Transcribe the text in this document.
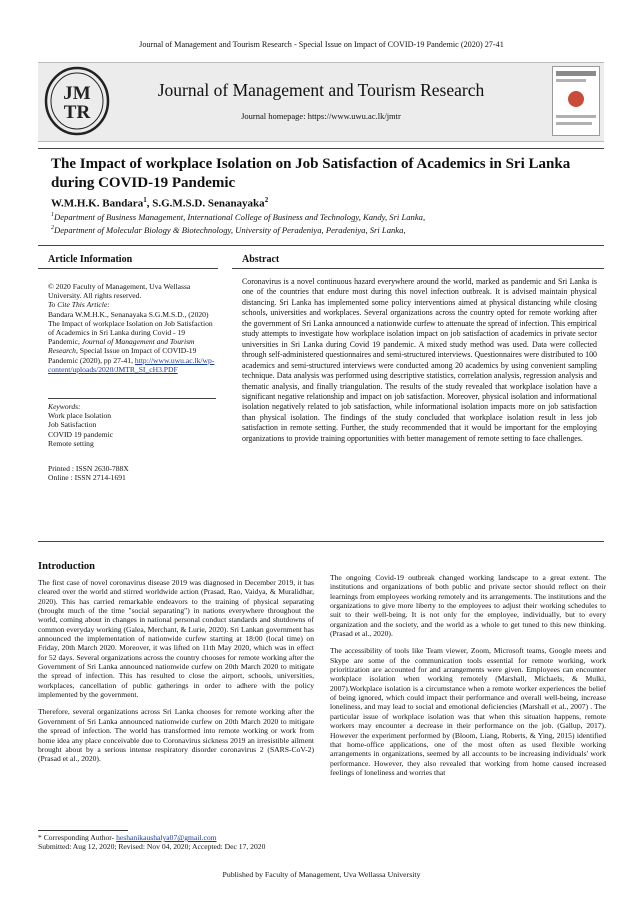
Journal of Management and Tourism Research - Special Issue on Impact of COVID-19 Pandemic (2020) 27-41
JM
TR
Journal of Management and Tourism Research
Journal homepage: https://www.uwu.ac.lk/jmtr
The Impact of workplace Isolation on Job Satisfaction of Academics in Sri Lanka during COVID-19 Pandemic
W.M.H.K. Bandara$^1$, S.G.M.S.D. Senanayaka$^2$
$^1$Department of Business Management, International College of Business and Technology, Kandy, Sri Lanka,
$^2$Department of Molecular Biology & Biotechnology, University of Peradeniya, Peradeniya, Sri Lanka,
Article Information	Abstract
© 2020 Faculty of Management, Uva Wellassa University. All rights reserved.
To Cite This Article:
Bandara W.M.H.K., Senanayaka S.G.M.S.D., (2020) The Impact of workplace Isolation on Job Satisfaction of Academics in Sri Lanka during Covid - 19 Pandemic, Journal of Management and Tourism Research, Special Issue on Impact of COVID-19 Pandemic (2020), pp 27-41, http://www.uwu.ac.lk/wp-content/uploads/2020/JMTR_SI_cH3.PDF
Keywords:
Work place Isolation
Job Satisfaction
COVID 19 pandemic
Remote setting
Printed : ISSN 2630-788X
Online : ISSN 2714-1691
Coronavirus is a novel continuous hazard everywhere around the world, marked as pandemic and Sri Lanka is one of the countries that endure most during this novel infection outbreak. It is advised maintain physical distancing. Sri Lanka has implemented some policy interventions aimed at physical distancing while closing schools, universities and workplaces. Several organizations across the country opted for remote working after the government of Sri Lanka announced a nationwide curfew to attenuate the spread of infection. This empirical study attempts to investigate how workplace isolation impact on job satisfaction of academics in private sector universities in Sri Lanka during Covid 19 pandemic. A mixed study method was used. Data were collected through self-administered questionnaires and semi-structured interviews. Questionnaires were distributed to 100 academics and semi-structured interviews were conducted among 20 academics by using convenient sampling technique. Data analysis was performed using descriptive statistics, correlation analysis, regression analysis and thematic analysis, and finally triangulation. The results of the study revealed that workplace isolation have a significant negative relationship and impact on job satisfaction. Moreover, physical isolation and informational isolation negatively related to job satisfaction, while informational isolation impacts more on job satisfaction than physical isolation. The findings of the study concluded that workplace isolation result in less job satisfaction in remote setting. Further, the study recommended that it would be important for the employing organizations to provide training opportunities with better management of remote setting to face challenges.
Introduction

The first case of novel coronavirus disease 2019 was diagnosed in December 2019, it has cleared over the world and stirred worldwide action (Prasad, Rao, Vaidya, & Muralidhar, 2020). This has carried remarkable endeavors to the training of physical separating (brought much of the time "social separating") in nations everywhere throughout the world, coming about in changes in national personal conduct standards and shutdowns of common everyday working (Galea, Merchant, & Lurie, 2020). Sri Lankan government has announced the implementation of nationwide curfew starting at 18:00 (local time) on Friday, 20th March 2020. Moreover, it was lifted on 11th May 2020, which was in effect for 52 days. Several organizations across the country chooses for remote working after the Government of Sri Lanka announced nationwide curfew on 20th March 2020 to mitigate the spread of infection. This has resulted to close the airport, schools, universities, workplaces, cancellation of public gatherings in order to adhere with the policy implemented by the government.

Therefore, several organizations across Sri Lanka chooses for remote working after the Government of Sri Lanka announced nationwide curfew on 20th March 2020 to mitigate the spread of infection. The world has transformed into remote working or work from home idea any place conceivable due to Coronavirus sickness 2019 an irresistible ailment brought about by a serious intense respiratory disorder coronavirus 2 (SARS-CoV-2)(Prasad et al., 2020).

The ongoing Covid-19 outbreak changed working landscape to a great extent. The institutions and organizations of both public and private sector should reflect on their learnings from employees working remotely and its arrangements. The institutions and the organizations to give more liberty to the employees to adjust their working schedules to suit to their well-being. It is not only for the employee, individually, but to every organization and the society, and the world as a whole to get tuned to this new thinking. (Prasad et al., 2020).

The accessibility of tools like Team viewer, Zoom, Microsoft teams, Google meets and Skype are some of the communication tools essential for remote working, work prioritization are accounted for and arrangements were given. Employees can encounter workplace isolation when working remotely (Marshall, Michaels, & Mulki, 2007).Workplace isolation is a circumstance when a remote worker experiences the belief of being ignored, which could impact their performance and overall well-being, increase loneliness, and may lead to social and emotional deficiencies (Marshall et al., 2007) . The particular issue of workplace isolation was that when this situation happens, remote workers may encounter a decrease in their performance on the job. (Gallup, 2017). However the experiment performed by (Bloom, Liang, Roberts, & Ying, 2015) identified that home-office applications, one of the most often as used flexible working arrangements in organizations, seemed by all accounts to be increasing individuals' work performance. However, they also revealed that working from home caused increased feelings of loneliness and worries that

* Corresponding Author- heshanikaushalya07@gmail.com
Submitted: Aug 12, 2020; Revised: Nov 04, 2020; Accepted: Dec 17, 2020
Published by Faculty of Management, Uva Wellassa University
